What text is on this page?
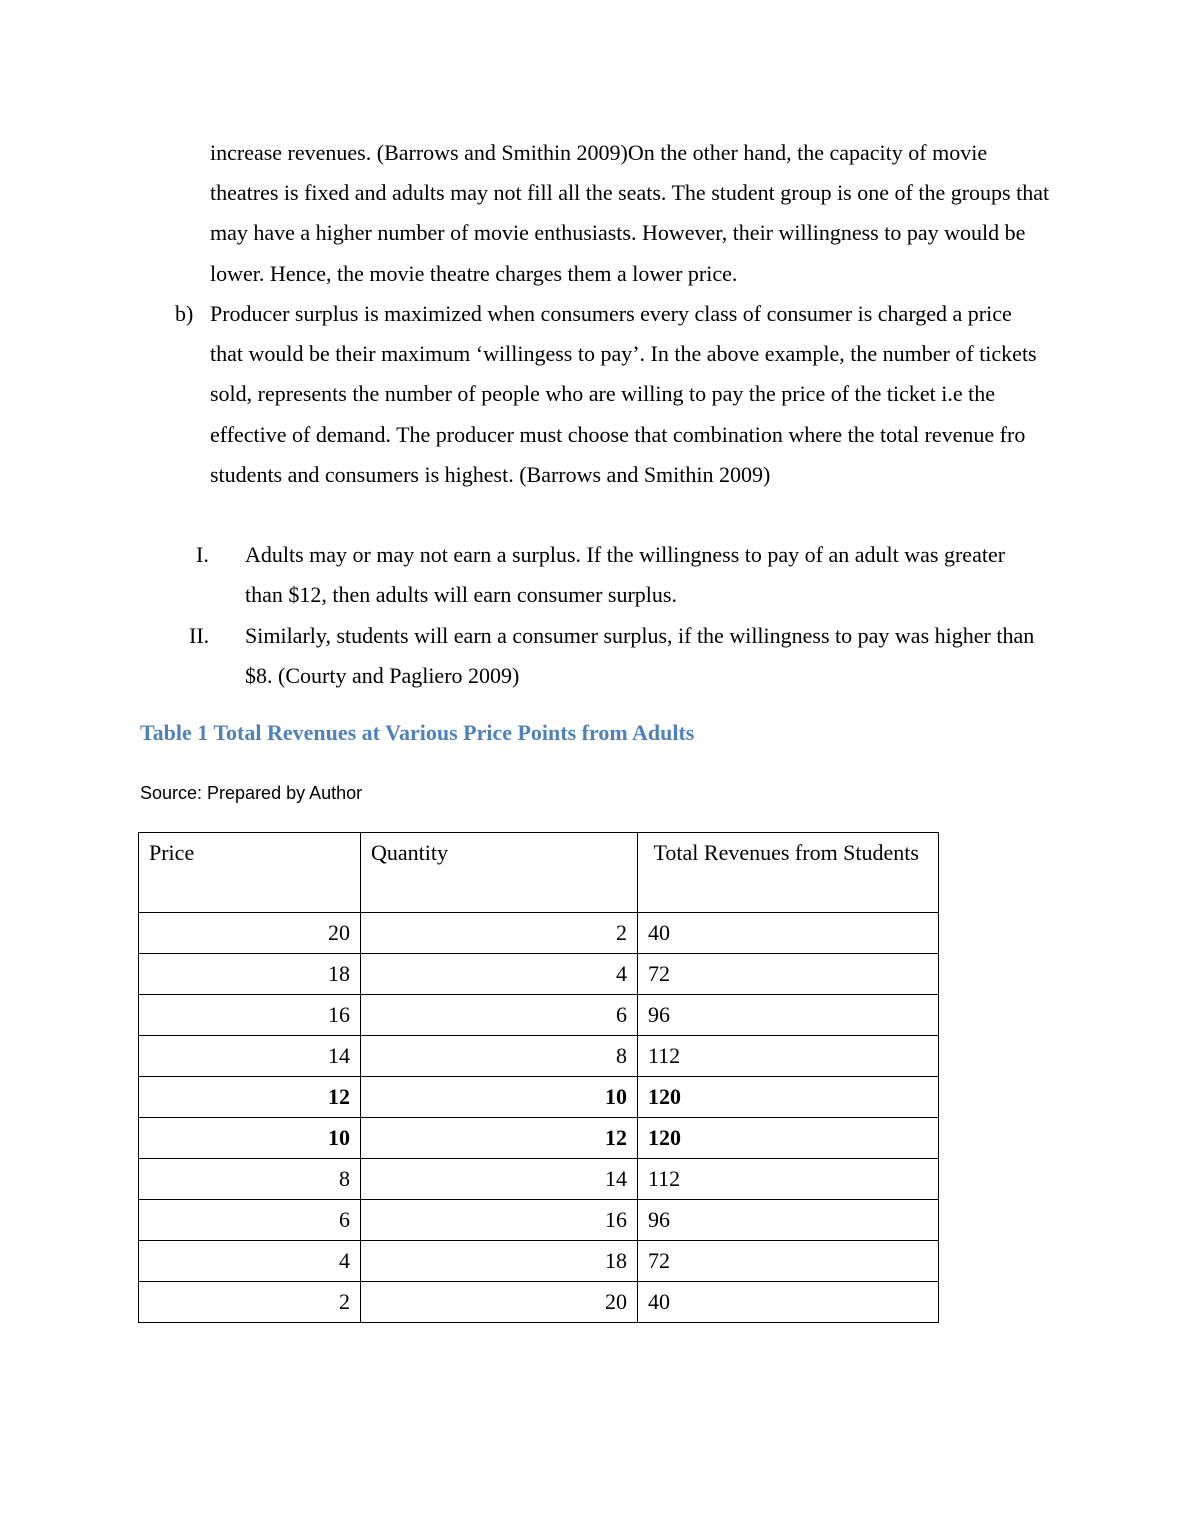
increase revenues. (Barrows and Smithin 2009)On the other hand, the capacity of movie theatres is fixed and adults may not fill all the seats. The student group is one of the groups that may have a higher number of movie enthusiasts. However, their willingness to pay would be lower. Hence, the movie theatre charges them a lower price.

b) Producer surplus is maximized when consumers every class of consumer is charged a price that would be their maximum ‘willingess to pay’. In the above example, the number of tickets sold, represents the number of people who are willing to pay the price of the ticket i.e the effective of demand. The producer must choose that combination where the total revenue fro students and consumers is highest. (Barrows and Smithin 2009)

I. Adults may or may not earn a surplus. If the willingness to pay of an adult was greater than $12, then adults will earn consumer surplus.

II. Similarly, students will earn a consumer surplus, if the willingness to pay was higher than $8. (Courty and Pagliero 2009)

Table 1 Total Revenues at Various Price Points from Adults

Source: Prepared by Author

Price	Quantity	Total Revenues from Students
20	2	40
18	4	72
16	6	96
14	8	112
12	10	120
10	12	120
8	14	112
6	16	96
4	18	72
2	20	40
